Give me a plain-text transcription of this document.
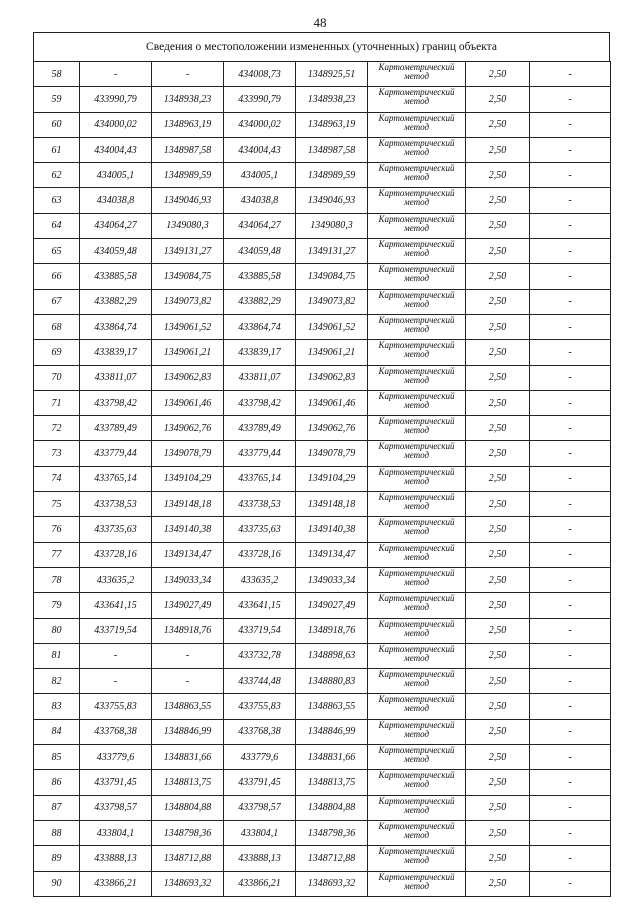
48
Сведения о местоположении измененных (уточненных) границ объекта
58	-	-	434008,73	1348925,51	Картометрический метод	2,50	-
59	433990,79	1348938,23	433990,79	1348938,23	Картометрический метод	2,50	-
60	434000,02	1348963,19	434000,02	1348963,19	Картометрический метод	2,50	-
61	434004,43	1348987,58	434004,43	1348987,58	Картометрический метод	2,50	-
62	434005,1	1348989,59	434005,1	1348989,59	Картометрический метод	2,50	-
63	434038,8	1349046,93	434038,8	1349046,93	Картометрический метод	2,50	-
64	434064,27	1349080,3	434064,27	1349080,3	Картометрический метод	2,50	-
65	434059,48	1349131,27	434059,48	1349131,27	Картометрический метод	2,50	-
66	433885,58	1349084,75	433885,58	1349084,75	Картометрический метод	2,50	-
67	433882,29	1349073,82	433882,29	1349073,82	Картометрический метод	2,50	-
68	433864,74	1349061,52	433864,74	1349061,52	Картометрический метод	2,50	-
69	433839,17	1349061,21	433839,17	1349061,21	Картометрический метод	2,50	-
70	433811,07	1349062,83	433811,07	1349062,83	Картометрический метод	2,50	-
71	433798,42	1349061,46	433798,42	1349061,46	Картометрический метод	2,50	-
72	433789,49	1349062,76	433789,49	1349062,76	Картометрический метод	2,50	-
73	433779,44	1349078,79	433779,44	1349078,79	Картометрический метод	2,50	-
74	433765,14	1349104,29	433765,14	1349104,29	Картометрический метод	2,50	-
75	433738,53	1349148,18	433738,53	1349148,18	Картометрический метод	2,50	-
76	433735,63	1349140,38	433735,63	1349140,38	Картометрический метод	2,50	-
77	433728,16	1349134,47	433728,16	1349134,47	Картометрический метод	2,50	-
78	433635,2	1349033,34	433635,2	1349033,34	Картометрический метод	2,50	-
79	433641,15	1349027,49	433641,15	1349027,49	Картометрический метод	2,50	-
80	433719,54	1348918,76	433719,54	1348918,76	Картометрический метод	2,50	-
81	-	-	433732,78	1348898,63	Картометрический метод	2,50	-
82	-	-	433744,48	1348880,83	Картометрический метод	2,50	-
83	433755,83	1348863,55	433755,83	1348863,55	Картометрический метод	2,50	-
84	433768,38	1348846,99	433768,38	1348846,99	Картометрический метод	2,50	-
85	433779,6	1348831,66	433779,6	1348831,66	Картометрический метод	2,50	-
86	433791,45	1348813,75	433791,45	1348813,75	Картометрический метод	2,50	-
87	433798,57	1348804,88	433798,57	1348804,88	Картометрический метод	2,50	-
88	433804,1	1348798,36	433804,1	1348798,36	Картометрический метод	2,50	-
89	433888,13	1348712,88	433888,13	1348712,88	Картометрический метод	2,50	-
90	433866,21	1348693,32	433866,21	1348693,32	Картометрический метод	2,50	-
